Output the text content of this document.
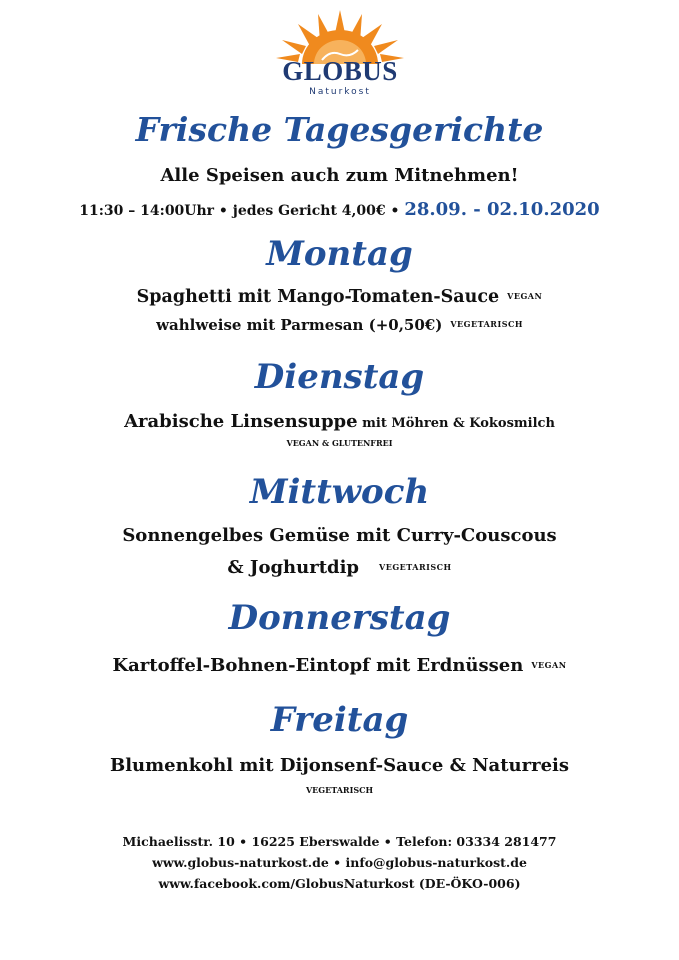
GLOBUS
Naturkost
Frische Tagesgerichte
Alle Speisen auch zum Mitnehmen!
11:30 – 14:00Uhr • jedes Gericht 4,00€ • 28.09. - 02.10.2020
Montag
Spaghetti mit Mango-Tomaten-Sauce VEGAN
wahlweise mit Parmesan (+0,50€) $^{VEGETARISCH}$
Dienstag
Arabische Linsensuppe mit Möhren & Kokosmilch
VEGAN & GLUTENFREI
Mittwoch
Sonnengelbes Gemüse mit Curry-Couscous
& Joghurtdip	VEGETARISCH
Donnerstag
Kartoffel-Bohnen-Eintopf mit Erdnüssen VEGAN
Freitag
Blumenkohl mit Dijonsenf-Sauce & Naturreis
VEGETARISCH
Michaelisstr. 10 • 16225 Eberswalde • Telefon: 03334 281477
www.globus-naturkost.de • info@globus-naturkost.de
www.facebook.com/GlobusNaturkost (DE-ÖKO-006)
